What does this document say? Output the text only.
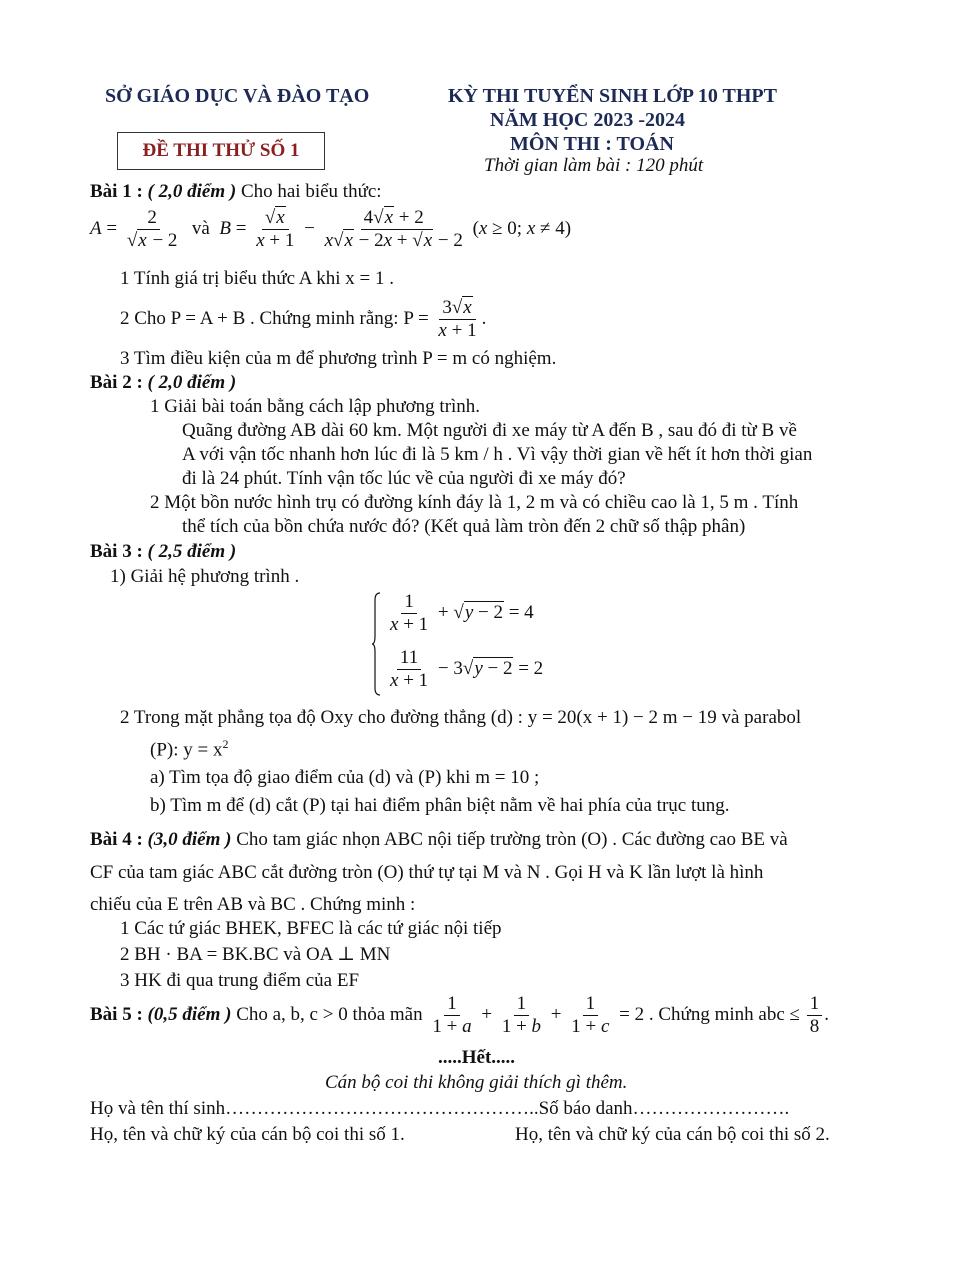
SỞ GIÁO DỤC VÀ ĐÀO TẠO	KỲ THI TUYỂN SINH LỚP 10 THPT
NĂM HỌC 2023 -2024
MÔN THI : TOÁN
Thời gian làm bài : 120 phút
ĐỀ THI THỬ SỐ 1
Bài 1 : ( 2,0 điểm ) Cho hai biểu thức:
$A = \frac{2}{√x - 2}$ và  $B = \frac{√x}{x + 1} - \frac{4√x + 2}{x√x - 2x + √x - 2} (x \ge 0$; x ≠ 4)
1 Tính giá trị biểu thức A khi x = 1 .
2 Cho P = A + B . Chứng minh rằng: $P = \frac{3√x}{x + 1}$ .
3 Tìm điều kiện của m để phương trình P = m có nghiệm.
Bài 2 : ( 2,0 điểm )
1 Giải bài toán bằng cách lập phương trình.
Quãng đường AB dài 60 km. Một người đi xe máy từ A đến B , sau đó đi từ B về
A với vận tốc nhanh hơn lúc đi là 5 km / h . Vì vậy thời gian về hết ít hơn thời gian
đi là 24 phút. Tính vận tốc lúc về của người đi xe máy đó?
2 Một bồn nước hình trụ có đường kính đáy là 1, 2 m và có chiều cao là 1, 5 m . Tính
thể tích của bồn chứa nước đó? (Kết quả làm tròn đến 2 chữ số thập phân)
Bài 3 : ( 2,5 điểm )
1) Giải hệ phương trình .
$\frac{1}{x + 1} + √y - 2 = 4$
$\frac{11}{x + 1} - 3√y - 2 = 2$
2 Trong mặt phẳng tọa độ Oxy cho đường thẳng (d) : y = 20(x + 1) − 2 m − 19 và parabol
(P): $y = x^2$
a) Tìm tọa độ giao điểm của (d) và (P) khi m = 10 ;
b) Tìm m để (d) cắt (P) tại hai điểm phân biệt nằm về hai phía của trục tung.
Bài 4 : (3,0 điểm ) Cho tam giác nhọn ABC nội tiếp trường tròn (O) . Các đường cao BE và
CF của tam giác ABC cắt đường tròn (O) thứ tự tại M và N . Gọi H và K lần lượt là hình
chiếu của E trên AB và BC . Chứng minh :
1 Các tứ giác BHEK, BFEC là các tứ giác nội tiếp
2 BH · BA = BK.BC và OA ⊥ MN
3 HK đi qua trung điểm của EF
Bài 5 : (0,5 điểm ) Cho a, b, c > 0 thỏa mãn $\frac{1}{1 + a} + \frac{1}{1 + b} + \frac{1}{1 + c} = 2$ . Chứng minh abc ≤ $\frac{1}{8}$ .
.....Hết.....
Cán bộ coi thi không giải thích gì thêm.
Họ và tên thí sinh…………………………………………..Số báo danh…………………….
Họ, tên và chữ ký của cán bộ coi thi số 1.	Họ, tên và chữ ký của cán bộ coi thi số 2.
